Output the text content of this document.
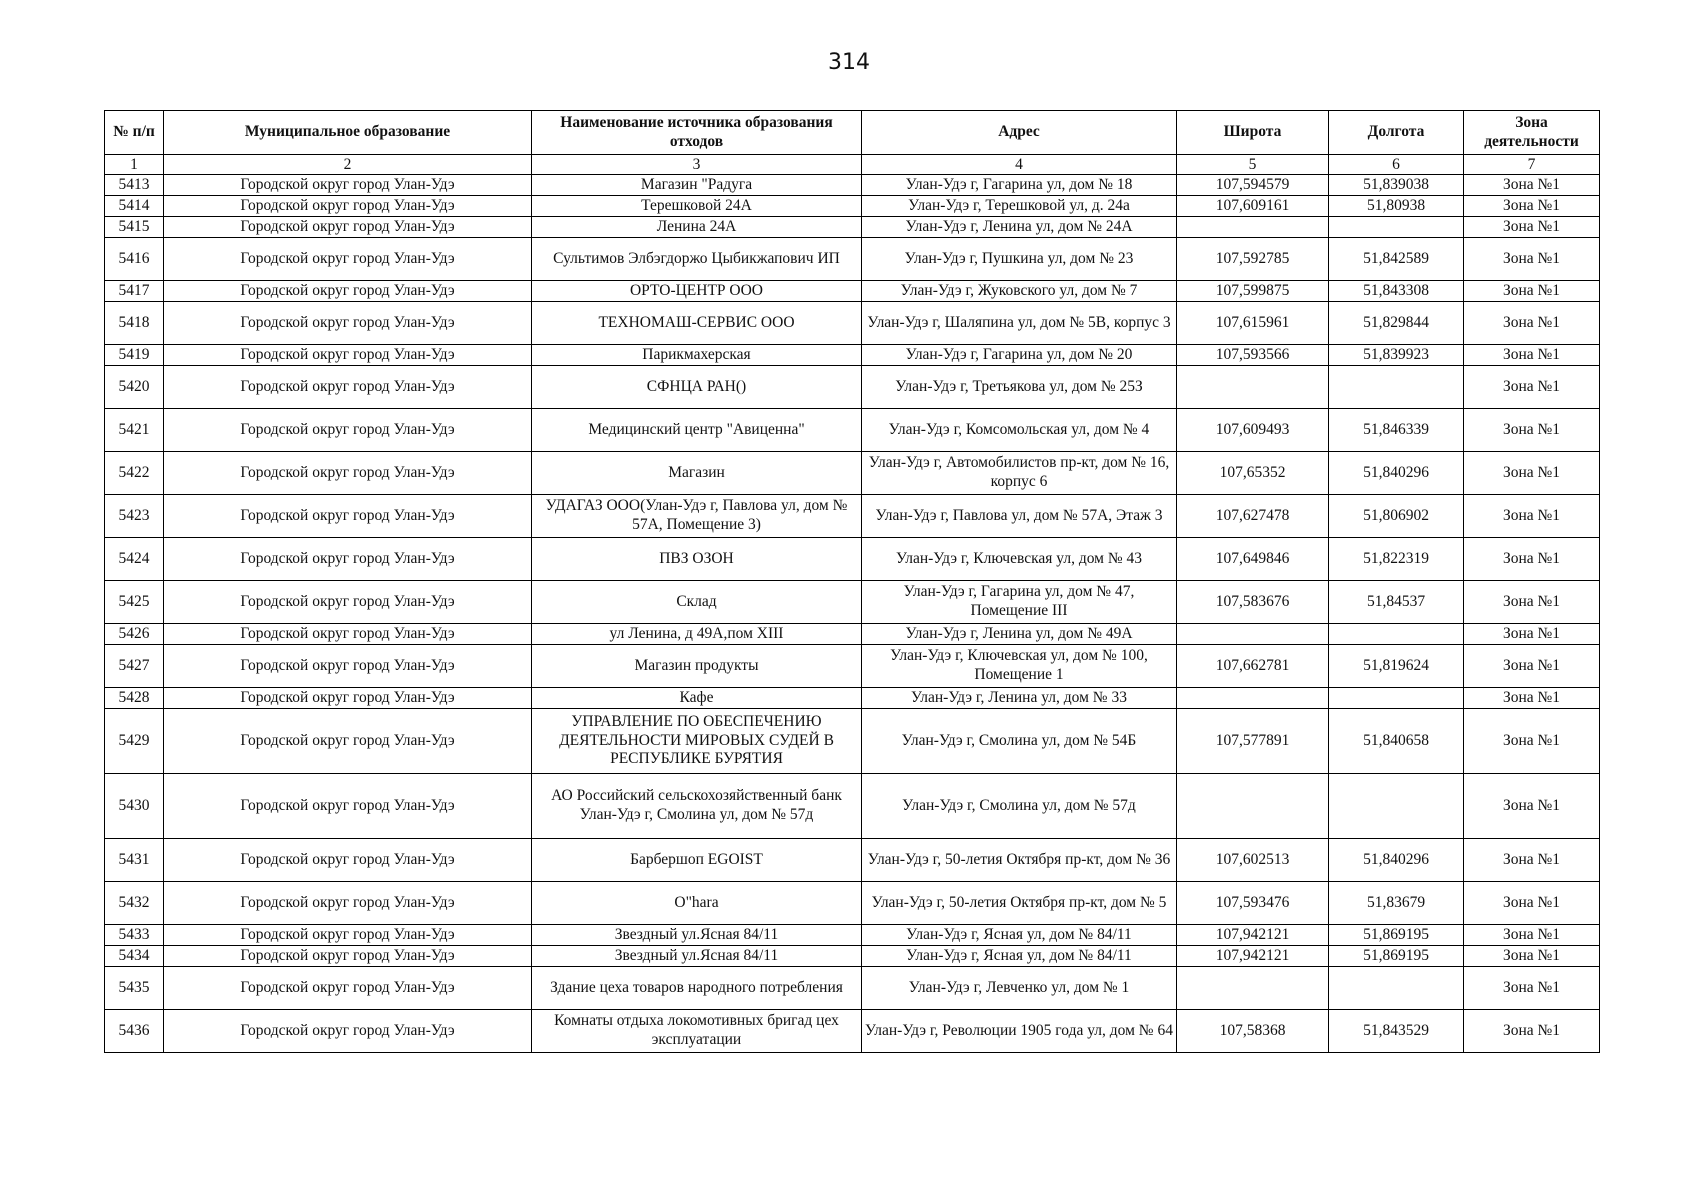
314
№ п/п	Муниципальное образование	Наименование источника образования отходов	Адрес	Широта	Долгота	Зона деятельности
1	2	3	4	5	6	7
5413	Городской округ город Улан-Удэ	Магазин "Радуга	Улан-Удэ г, Гагарина ул, дом № 18	107,594579	51,839038	Зона №1
5414	Городской округ город Улан-Удэ	Терешковой 24А	Улан-Удэ г, Терешковой ул, д. 24а	107,609161	51,80938	Зона №1
5415	Городской округ город Улан-Удэ	Ленина 24А	Улан-Удэ г, Ленина ул, дом № 24А			Зона №1
5416	Городской округ город Улан-Удэ	Сультимов Элбэгдоржо Цыбикжапович ИП	Улан-Удэ г, Пушкина ул, дом № 23	107,592785	51,842589	Зона №1
5417	Городской округ город Улан-Удэ	ОРТО-ЦЕНТР ООО	Улан-Удэ г, Жуковского ул, дом № 7	107,599875	51,843308	Зона №1
5418	Городской округ город Улан-Удэ	ТЕХНОМАШ-СЕРВИС ООО	Улан-Удэ г, Шаляпина ул, дом № 5В, корпус 3	107,615961	51,829844	Зона №1
5419	Городской округ город Улан-Удэ	Парикмахерская	Улан-Удэ г, Гагарина ул, дом № 20	107,593566	51,839923	Зона №1
5420	Городской округ город Улан-Удэ	СФНЦА РАН()	Улан-Удэ г, Третьякова ул, дом № 25З			Зона №1
5421	Городской округ город Улан-Удэ	Медицинский центр "Авиценна"	Улан-Удэ г, Комсомольская ул, дом № 4	107,609493	51,846339	Зона №1
5422	Городской округ город Улан-Удэ	Магазин	Улан-Удэ г, Автомобилистов пр-кт, дом № 16, корпус 6	107,65352	51,840296	Зона №1
5423	Городской округ город Улан-Удэ	УДАГАЗ ООО(Улан-Удэ г, Павлова ул, дом № 57А, Помещение 3)	Улан-Удэ г, Павлова ул, дом № 57А, Этаж 3	107,627478	51,806902	Зона №1
5424	Городской округ город Улан-Удэ	ПВЗ ОЗОН	Улан-Удэ г, Ключевская ул, дом № 43	107,649846	51,822319	Зона №1
5425	Городской округ город Улан-Удэ	Склад	Улан-Удэ г, Гагарина ул, дом № 47, Помещение III	107,583676	51,84537	Зона №1
5426	Городской округ город Улан-Удэ	ул Ленина, д 49А,пом XIII	Улан-Удэ г, Ленина ул, дом № 49А			Зона №1
5427	Городской округ город Улан-Удэ	Магазин продукты	Улан-Удэ г, Ключевская ул, дом № 100, Помещение 1	107,662781	51,819624	Зона №1
5428	Городской округ город Улан-Удэ	Кафе	Улан-Удэ г, Ленина ул, дом № 33			Зона №1
5429	Городской округ город Улан-Удэ	УПРАВЛЕНИЕ ПО ОБЕСПЕЧЕНИЮ ДЕЯТЕЛЬНОСТИ МИРОВЫХ СУДЕЙ В РЕСПУБЛИКЕ БУРЯТИЯ	Улан-Удэ г, Смолина ул, дом № 54Б	107,577891	51,840658	Зона №1
5430	Городской округ город Улан-Удэ	АО Российский сельскохозяйственный банк Улан-Удэ г, Смолина ул, дом № 57д	Улан-Удэ г, Смолина ул, дом № 57д			Зона №1
5431	Городской округ город Улан-Удэ	Барбершоп EGOIST	Улан-Удэ г, 50-летия Октября пр-кт, дом № 36	107,602513	51,840296	Зона №1
5432	Городской округ город Улан-Удэ	O"hara	Улан-Удэ г, 50-летия Октября пр-кт, дом № 5	107,593476	51,83679	Зона №1
5433	Городской округ город Улан-Удэ	Звездный ул.Ясная 84/11	Улан-Удэ г, Ясная ул, дом № 84/11	107,942121	51,869195	Зона №1
5434	Городской округ город Улан-Удэ	Звездный ул.Ясная 84/11	Улан-Удэ г, Ясная ул, дом № 84/11	107,942121	51,869195	Зона №1
5435	Городской округ город Улан-Удэ	Здание цеха товаров народного потребления	Улан-Удэ г, Левченко ул, дом № 1			Зона №1
5436	Городской округ город Улан-Удэ	Комнаты отдыха локомотивных бригад цех эксплуатации	Улан-Удэ г, Революции 1905 года ул, дом № 64	107,58368	51,843529	Зона №1
